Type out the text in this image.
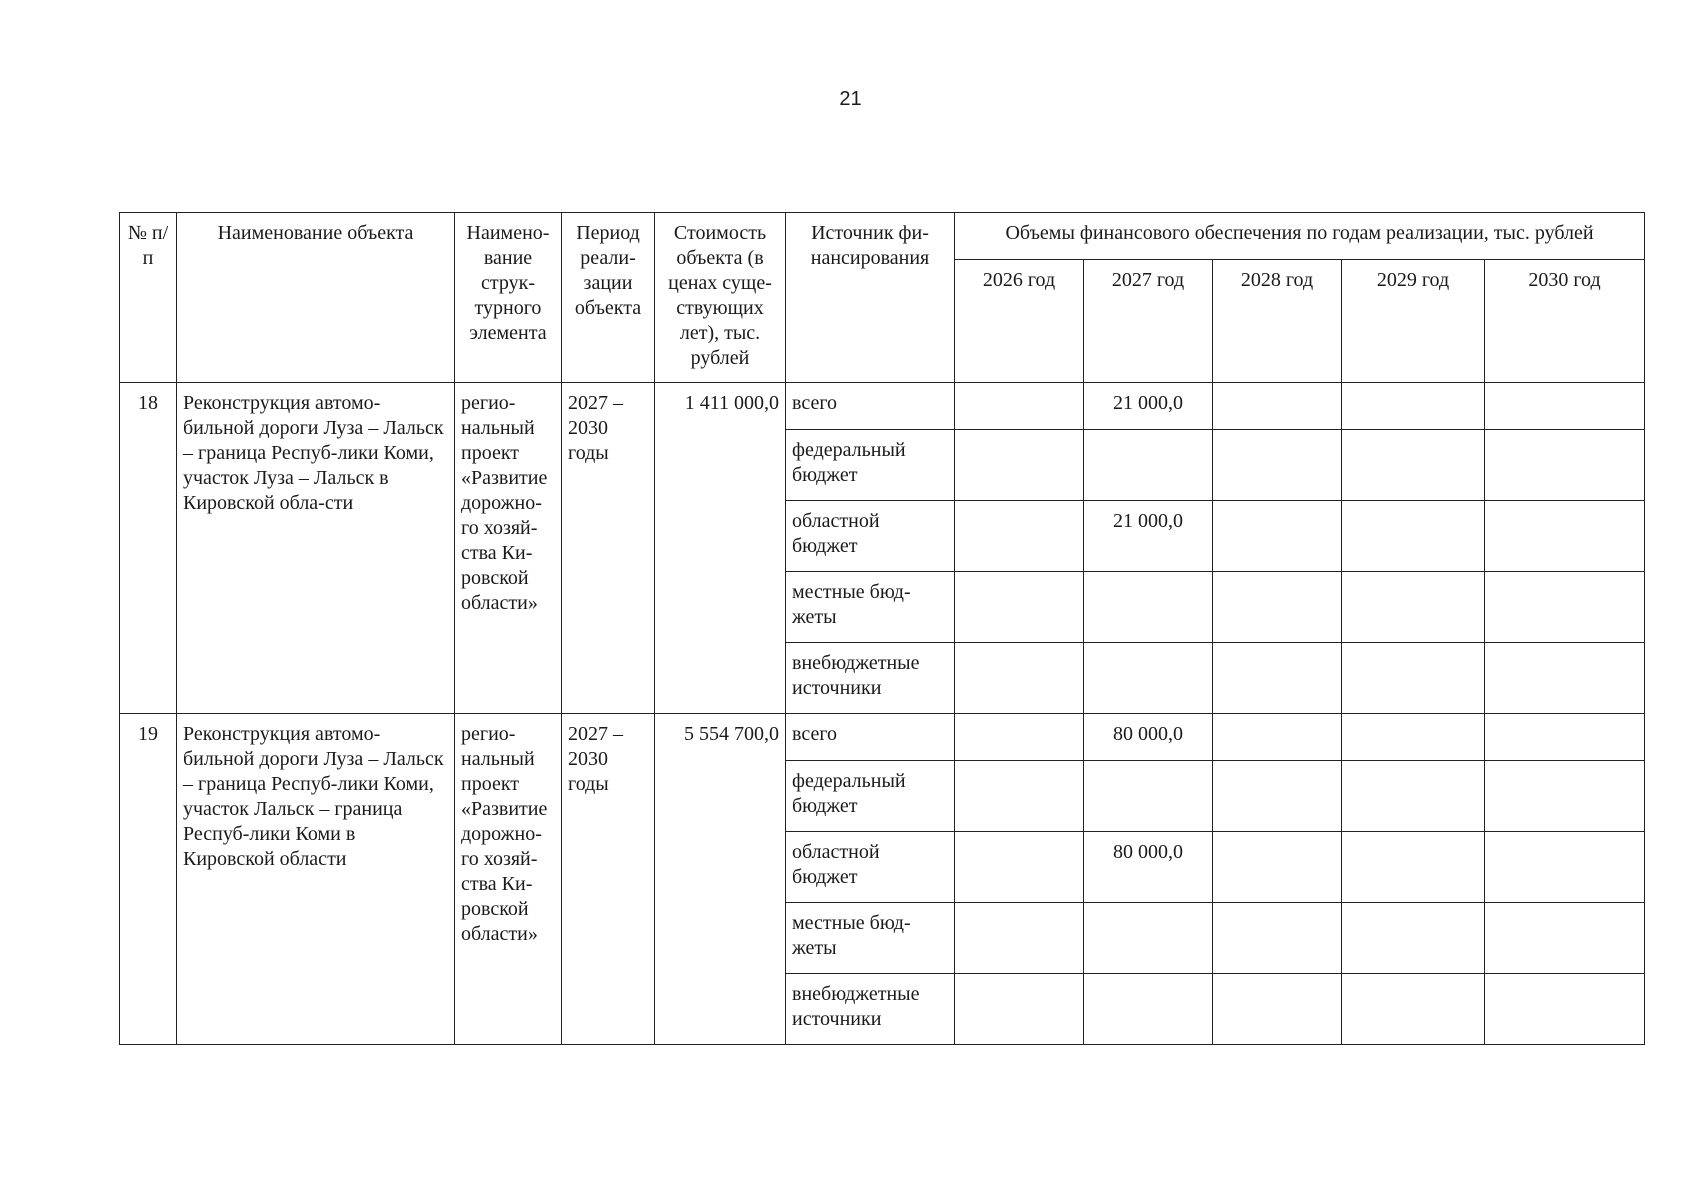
21
№ п/п	Наименование объекта	Наимено-вание струк-турного элемента	Период реали-зации объекта	Стоимость объекта (в ценах суще-ствующих лет), тыс. рублей	Источник фи-нансирования	Объемы финансового обеспечения по годам реализации, тыс. рублей				
						2026 год	2027 год	2028 год	2029 год	2030 год
18	Реконструкция автомо-бильной дороги Луза – Лальск – граница Респуб-лики Коми, участок Луза – Лальск в Кировской обла-сти	регио-нальный проект «Развитие дорожно-го хозяй-ства Ки-ровской области»	2027 – 2030 годы	1 411 000,0	всего		21 000,0			
					федеральный бюджет					
					областной бюджет		21 000,0			
					местные бюд-жеты					
					внебюджетные источники					
19	Реконструкция автомо-бильной дороги Луза – Лальск – граница Респуб-лики Коми, участок Лальск – граница Респуб-лики Коми в Кировской области	регио-нальный проект «Развитие дорожно-го хозяй-ства Ки-ровской области»	2027 – 2030 годы	5 554 700,0	всего		80 000,0			
					федеральный бюджет					
					областной бюджет		80 000,0			
					местные бюд-жеты					
					внебюджетные источники					
